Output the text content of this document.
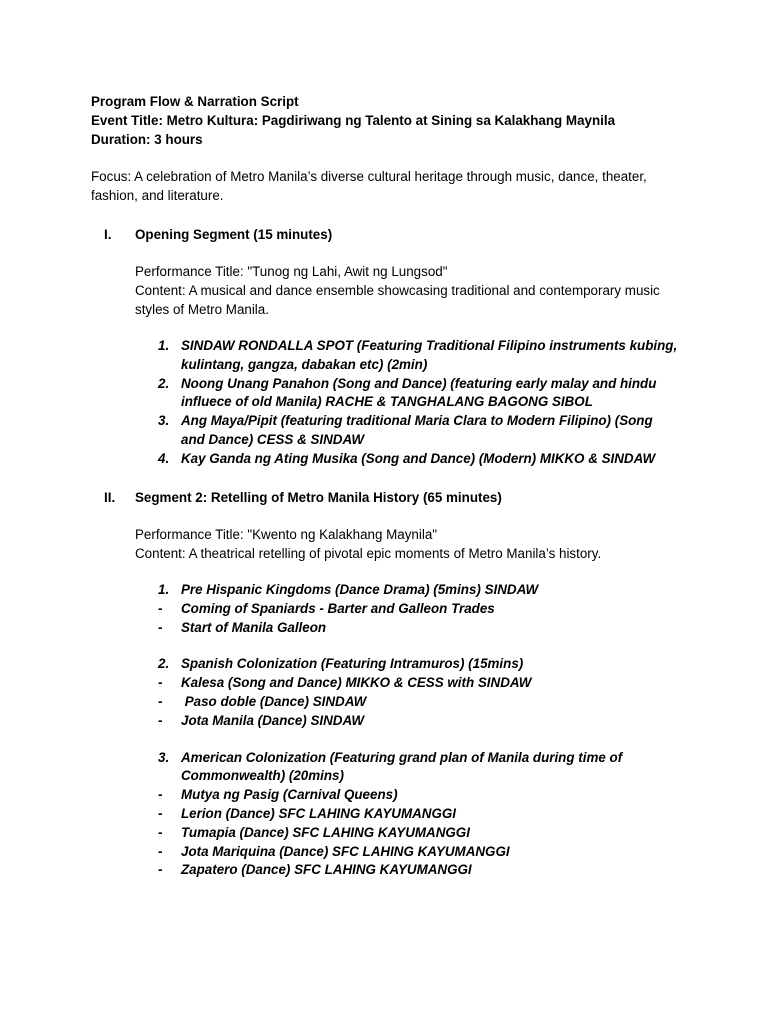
Program Flow & Narration Script
Event Title: Metro Kultura: Pagdiriwang ng Talento at Sining sa Kalakhang Maynila
Duration: 3 hours
Focus: A celebration of Metro Manila’s diverse cultural heritage through music, dance, theater, fashion, and literature.
I. Opening Segment (15 minutes)
Performance Title: "Tunog ng Lahi, Awit ng Lungsod"
Content: A musical and dance ensemble showcasing traditional and contemporary music styles of Metro Manila.
1. SINDAW RONDALLA SPOT (Featuring Traditional Filipino instruments kubing, kulintang, gangza, dabakan etc) (2min)
2. Noong Unang Panahon (Song and Dance) (featuring early malay and hindu influece of old Manila) RACHE & TANGHALANG BAGONG SIBOL
3. Ang Maya/Pipit (featuring traditional Maria Clara to Modern Filipino) (Song and Dance) CESS & SINDAW
4. Kay Ganda ng Ating Musika (Song and Dance) (Modern) MIKKO & SINDAW
II. Segment 2: Retelling of Metro Manila History (65 minutes)
Performance Title: "Kwento ng Kalakhang Maynila"
Content: A theatrical retelling of pivotal epic moments of Metro Manila’s history.
1. Pre Hispanic Kingdoms (Dance Drama) (5mins) SINDAW
- Coming of Spaniards - Barter and Galleon Trades
- Start of Manila Galleon
2. Spanish Colonization (Featuring Intramuros) (15mins)
- Kalesa (Song and Dance) MIKKO & CESS with SINDAW
- Paso doble (Dance) SINDAW
- Jota Manila (Dance) SINDAW
3. American Colonization (Featuring grand plan of Manila during time of Commonwealth) (20mins)
- Mutya ng Pasig (Carnival Queens)
- Lerion (Dance) SFC LAHING KAYUMANGGI
- Tumapia (Dance) SFC LAHING KAYUMANGGI
- Jota Mariquina (Dance) SFC LAHING KAYUMANGGI
- Zapatero (Dance) SFC LAHING KAYUMANGGI
